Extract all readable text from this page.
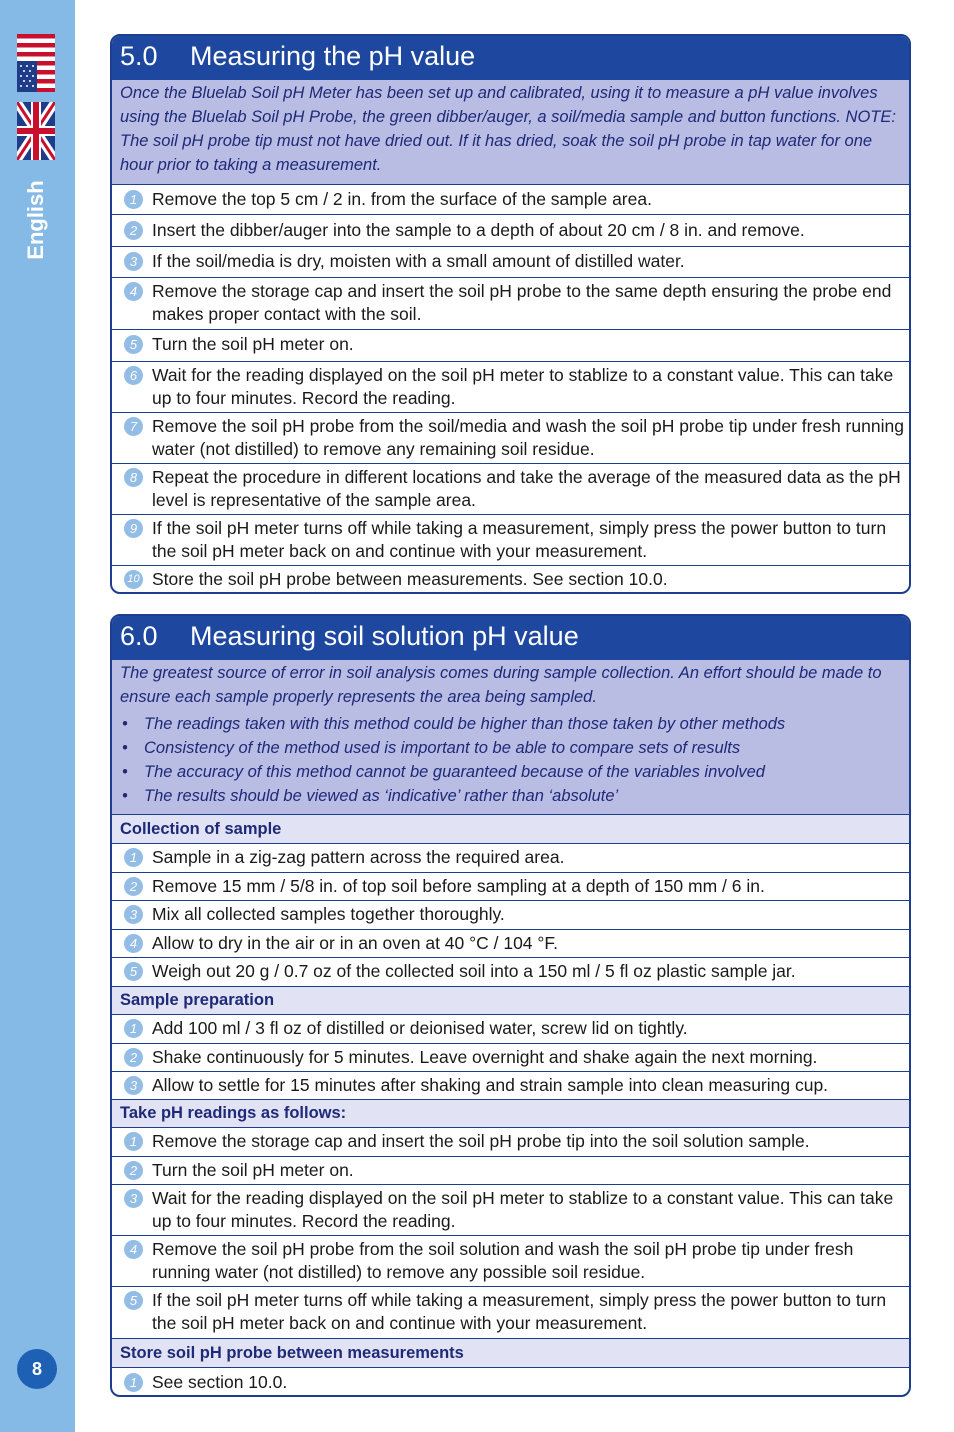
English
8
5.0 Measuring the pH value
Once the Bluelab Soil pH Meter has been set up and calibrated, using it to measure a pH value involves using the Bluelab Soil pH Probe, the green dibber/auger, a soil/media sample and button functions. NOTE: The soil pH probe tip must not have dried out. If it has dried, soak the soil pH probe in tap water for one hour prior to taking a measurement.
1 Remove the top 5 cm / 2 in. from the surface of the sample area.
2 Insert the dibber/auger into the sample to a depth of about 20 cm / 8 in. and remove.
3 If the soil/media is dry, moisten with a small amount of distilled water.
4 Remove the storage cap and insert the soil pH probe to the same depth ensuring the probe end makes proper contact with the soil.
5 Turn the soil pH meter on.
6 Wait for the reading displayed on the soil pH meter to stablize to a constant value. This can take up to four minutes. Record the reading.
7 Remove the soil pH probe from the soil/media and wash the soil pH probe tip under fresh running water (not distilled) to remove any remaining soil residue.
8 Repeat the procedure in different locations and take the average of the measured data as the pH level is representative of the sample area.
9 If the soil pH meter turns off while taking a measurement, simply press the power button to turn the soil pH meter back on and continue with your measurement.
10 Store the soil pH probe between measurements. See section 10.0.
6.0 Measuring soil solution pH value
The greatest source of error in soil analysis comes during sample collection. An effort should be made to ensure each sample properly represents the area being sampled.
• The readings taken with this method could be higher than those taken by other methods
• Consistency of the method used is important to be able to compare sets of results
• The accuracy of this method cannot be guaranteed because of the variables involved
• The results should be viewed as ‘indicative’ rather than ‘absolute’
Collection of sample
1 Sample in a zig-zag pattern across the required area.
2 Remove 15 mm / 5/8 in. of top soil before sampling at a depth of 150 mm / 6 in.
3 Mix all collected samples together thoroughly.
4 Allow to dry in the air or in an oven at 40 °C / 104 °F.
5 Weigh out 20 g / 0.7 oz of the collected soil into a 150 ml / 5 fl oz plastic sample jar.
Sample preparation
1 Add 100 ml / 3 fl oz of distilled or deionised water, screw lid on tightly.
2 Shake continuously for 5 minutes. Leave overnight and shake again the next morning.
3 Allow to settle for 15 minutes after shaking and strain sample into clean measuring cup.
Take pH readings as follows:
1 Remove the storage cap and insert the soil pH probe tip into the soil solution sample.
2 Turn the soil pH meter on.
3 Wait for the reading displayed on the soil pH meter to stablize to a constant value. This can take up to four minutes. Record the reading.
4 Remove the soil pH probe from the soil solution and wash the soil pH probe tip under fresh running water (not distilled) to remove any possible soil residue.
5 If the soil pH meter turns off while taking a measurement, simply press the power button to turn the soil pH meter back on and continue with your measurement.
Store soil pH probe between measurements
1 See section 10.0.
